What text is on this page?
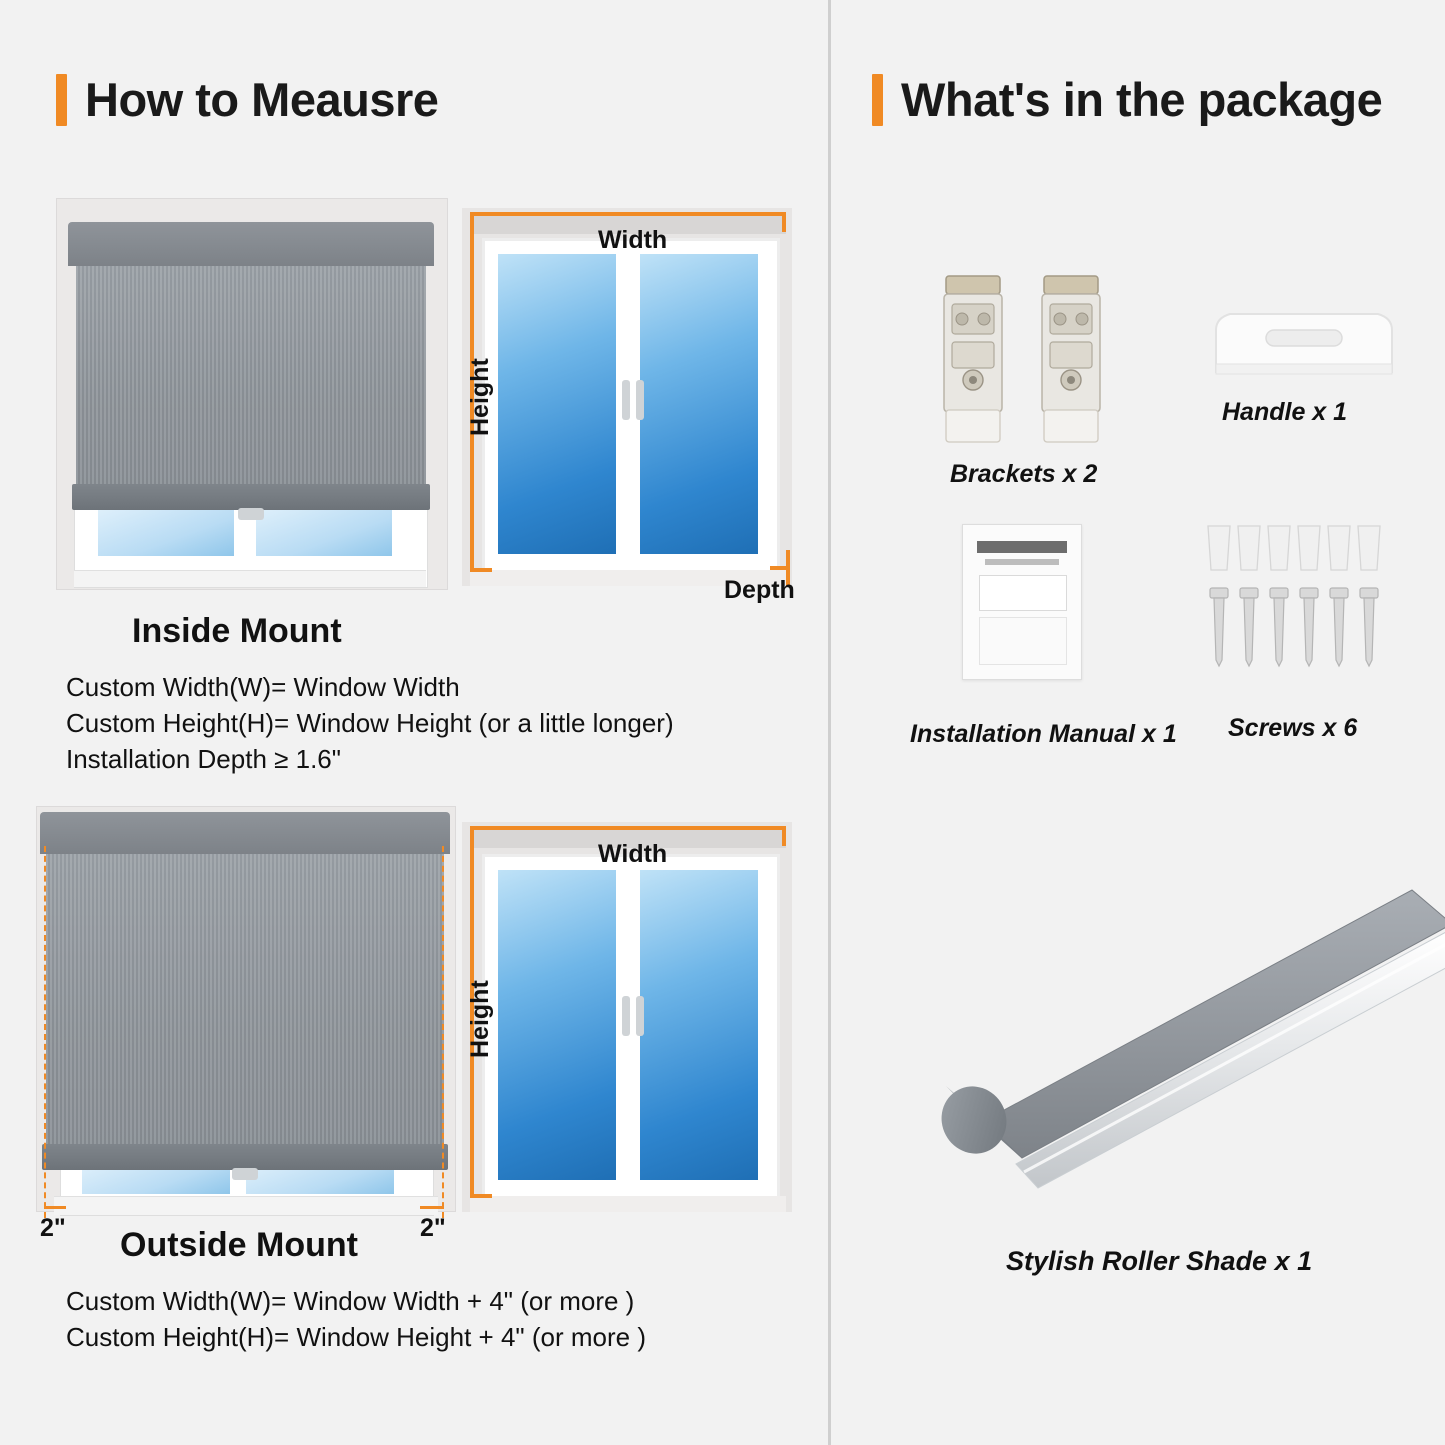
How to Meausre	What's in the package
Width
Height
Depth
Inside Mount
Custom Width(W)= Window Width
Custom Height(H)= Window Height (or a little longer)
Installation Depth ≥ 1.6"
2"	2"
Width
Height
Outside Mount
Custom Width(W)= Window Width + 4" (or more )
Custom Height(H)= Window Height + 4" (or more )
Brackets x 2
Handle x 1
Installation Manual x 1 Screws x 6
Stylish Roller Shade x 1
